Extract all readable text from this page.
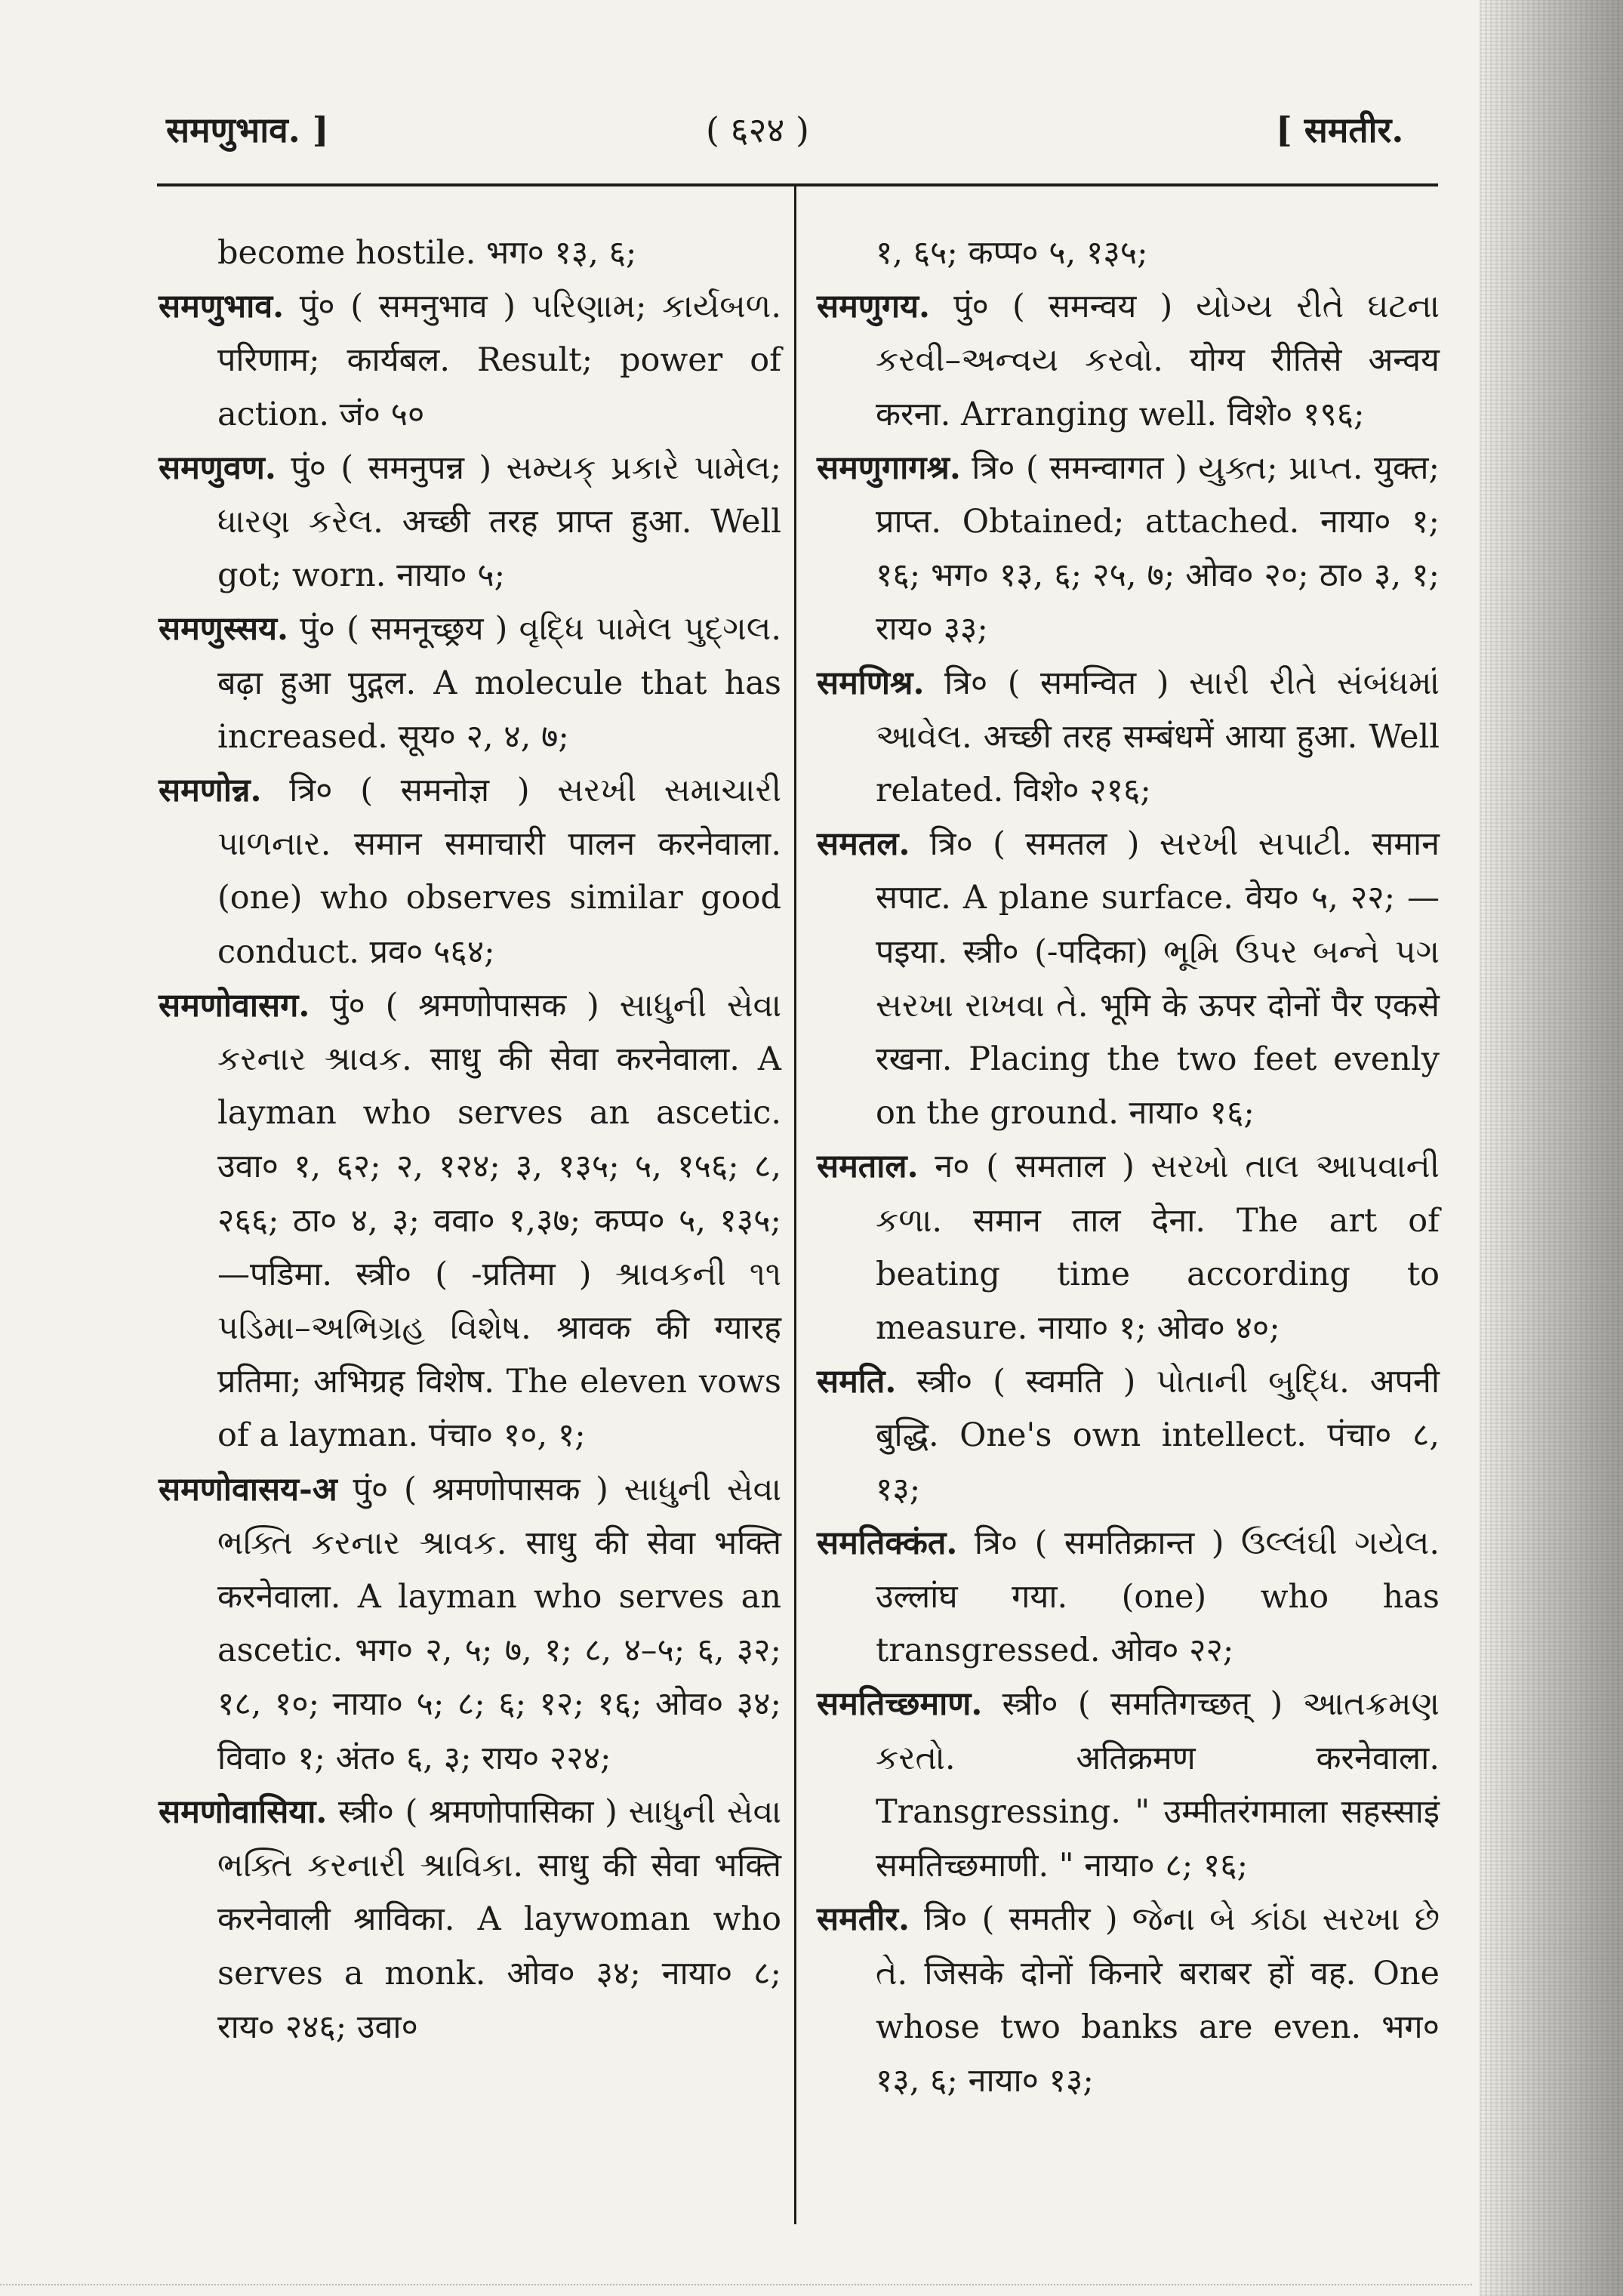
समणुभाव. ]	( ६२४ )	[ समतीर.

become hostile. भग० १३, ६;

समणुभाव. पुं० ( समनुभाव ) પરિણામ; કાર્યબળ. परिणाम; कार्यबल. Result; power of action. जं० ५०

समणुवण. पुं० ( समनुपन्न ) સમ્યક્ પ્રકારે પામેલ; ધારણ કરેલ. अच्छी तरह प्राप्त हुआ. Well got; worn. नाया० ५;

समणुस्सय. पुं० ( समनूच्छ्रय ) વૃદ્ધિ પામેલ પુદ્ગલ. बढ़ा हुआ पुद्गल. A molecule that has increased. सूय० २, ४, ७;

समणोन्न. त्रि० ( समनोज्ञ ) સરખી સમાચારી પાળનાર. समान समाचारी पालन करनेवाला. (one) who observes similar good conduct. प्रव० ५६४;

समणोवासग. पुं० ( श्रमणोपासक ) સાધુની સેવા કરનાર શ્રાવક. साधु की सेवा करनेवाला. A layman who serves an ascetic. उवा० १, ६२; २, १२४; ३, १३५; ५, १५६; ८, २६६; ठा० ४, ३; ववा० १,३७; कप्प० ५, १३५; —पडिमा. स्त्री० ( -प्रतिमा ) શ્રાવકની ૧૧ પડિમા–અભિગ્રહ વિશેષ. श्रावक की ग्यारह प्रतिमा; अभिग्रह विशेष. The eleven vows of a layman. पंचा० १०, १;

समणोवासय-अ पुं० ( श्रमणोपासक ) સાધુની સેવા ભક્તિ કરનાર શ્રાવક. साधु की सेवा भक्ति करनेवाला. A layman who serves an ascetic. भग० २, ५; ७, १; ८, ४–५; ६, ३२; १८, १०; नाया० ५; ८; ६; १२; १६; ओव० ३४; विवा० १; अंत० ६, ३; राय० २२४;

समणोवासिया. स्त्री० ( श्रमणोपासिका ) સાધુની સેવા ભક્તિ કરનારી શ્રાવિકા. साधु की सेवा भक्ति करनेवाली श्राविका. A laywoman who serves a monk. ओव० ३४; नाया० ८; राय० २४६; उवा०

१, ६५; कप्प० ५, १३५;

समणुगय. पुं० ( समन्वय ) યોગ્ય રીતે ઘટના કરવી–અન્વય કરવો. योग्य रीतिसे अन्वय करना. Arranging well. विशे० १९६;

समणुगागश्र. त्रि० ( समन्वागत ) યુક્ત; પ્રાપ્ત. युक्त; प्राप्त. Obtained; attached. नाया० १; १६; भग० १३, ६; २५, ७; ओव० २०; ठा० ३, १; राय० ३३;

समणिश्र. त्रि० ( समन्वित ) સારી રીતે સંબંધમાં આવેલ. अच्छी तरह सम्बंधमें आया हुआ. Well related. विशे० २१६;

समतल. त्रि० ( समतल ) સરખી સપાટી. समान सपाट. A plane surface. वेय० ५, २२; —पइया. स्त्री० (-पदिका) ભૂમિ ઉપર બન્ને પગ સરખા રાખવા તે. भूमि के ऊपर दोनों पैर एकसे रखना. Placing the two feet evenly on the ground. नाया० १६;

समताल. न० ( समताल ) સરખો તાલ આપવાની કળા. समान ताल देना. The art of beating time according to measure. नाया० १; ओव० ४०;

समति. स्त्री० ( स्वमति ) પોતાની બુદ્ધિ. अपनी बुद्धि. One's own intellect. पंचा० ८, १३;

समतिक्कंत. त्रि० ( समतिक्रान्त ) ઉલ્લંઘી ગયેલ. उल्लांघ गया. (one) who has transgressed. ओव० २२;

समतिच्छमाण. स्त्री० ( समतिगच्छत् ) આતક્રમણ કરતો. अतिक्रमण करनेवाला. Transgressing. " उम्मीतरंगमाला सहस्साइं समतिच्छमाणी. " नाया० ८; १६;

समतीर. त्रि० ( समतीर ) જેના બે કાંઠા સરખા છે તે. जिसके दोनों किनारे बराबर हों वह. One whose two banks are even. भग० १३, ६; नाया० १३;
